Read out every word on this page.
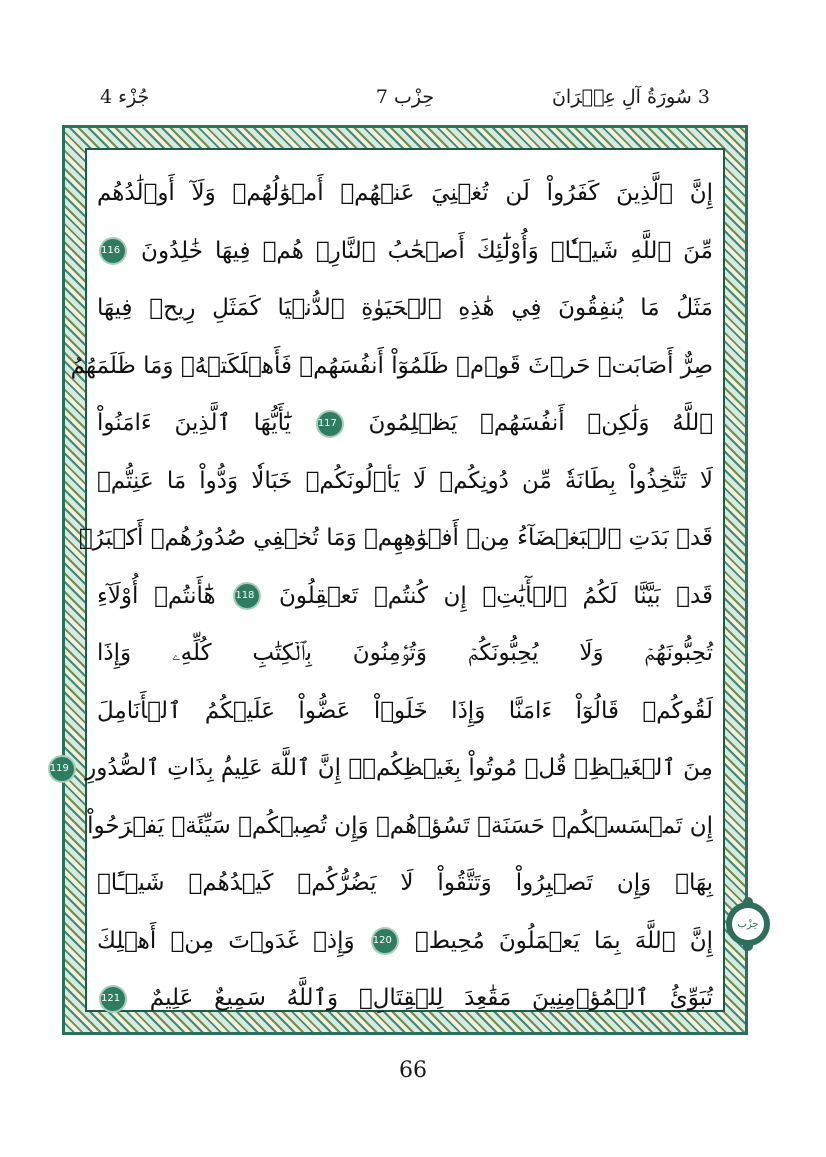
جُزْء 4	حِزْب 7	3 سُورَةُ آلِ عِمۡرَانَ
إِنَّ ٱلَّذِينَ كَفَرُواْ لَن تُغۡنِيَ عَنۡهُمۡ أَمۡوَٰلُهُمۡ وَلَآ أَوۡلَٰدُهُم
مِّنَ ٱللَّهِ شَيۡـٔٗاۖ وَأُوْلَٰٓئِكَ أَصۡحَٰبُ ٱلنَّارِۚ هُمۡ فِيهَا خَٰلِدُونَ 116
مَثَلُ مَا يُنفِقُونَ فِي هَٰذِهِ ٱلۡحَيَوٰةِ ٱلدُّنۡيَا كَمَثَلِ رِيحٖ فِيهَا
صِرٌّ أَصَابَتۡ حَرۡثَ قَوۡمٖ ظَلَمُوٓاْ أَنفُسَهُمۡ فَأَهۡلَكَتۡهُۚ وَمَا ظَلَمَهُمُ
ٱللَّهُ وَلَٰكِنۡ أَنفُسَهُمۡ يَظۡلِمُونَ 117 يَٰٓأَيُّهَا ٱلَّذِينَ ءَامَنُواْ
لَا تَتَّخِذُواْ بِطَانَةٗ مِّن دُونِكُمۡ لَا يَأۡلُونَكُمۡ خَبَالٗا وَدُّواْ مَا عَنِتُّمۡ
قَدۡ بَدَتِ ٱلۡبَغۡضَآءُ مِنۡ أَفۡوَٰهِهِمۡ وَمَا تُخۡفِي صُدُورُهُمۡ أَكۡبَرُۚ
قَدۡ بَيَّنَّا لَكُمُ ٱلۡأٓيَٰتِۖ إِن كُنتُمۡ تَعۡقِلُونَ 118 هَٰٓأَنتُمۡ أُوْلَآءِ
تُحِبُّونَهُمۡ وَلَا يُحِبُّونَكُمۡ وَتُؤۡمِنُونَ بِٱلۡكِتَٰبِ كُلِّهِۦ وَإِذَا
لَقُوكُمۡ قَالُوٓاْ ءَامَنَّا وَإِذَا خَلَوۡاْ عَضُّواْ عَلَيۡكُمُ ٱلۡأَنَامِلَ
مِنَ ٱلۡغَيۡظِۚ قُلۡ مُوتُواْ بِغَيۡظِكُمۡۗ إِنَّ ٱللَّهَ عَلِيمُۢ بِذَاتِ ٱلصُّدُورِ 119
إِن تَمۡسَسۡكُمۡ حَسَنَةٞ تَسُؤۡهُمۡ وَإِن تُصِبۡكُمۡ سَيِّئَةٞ يَفۡرَحُواْ
بِهَاۖ وَإِن تَصۡبِرُواْ وَتَتَّقُواْ لَا يَضُرُّكُمۡ كَيۡدُهُمۡ شَيۡـًٔاۗ
إِنَّ ٱللَّهَ بِمَا يَعۡمَلُونَ مُحِيطٞ 120 وَإِذۡ غَدَوۡتَ مِنۡ أَهۡلِكَ
تُبَوِّئُ ٱلۡمُؤۡمِنِينَ مَقَٰعِدَ لِلۡقِتَالِۗ وَٱللَّهُ سَمِيعٌ عَلِيمٌ 121
حِزْب
66
